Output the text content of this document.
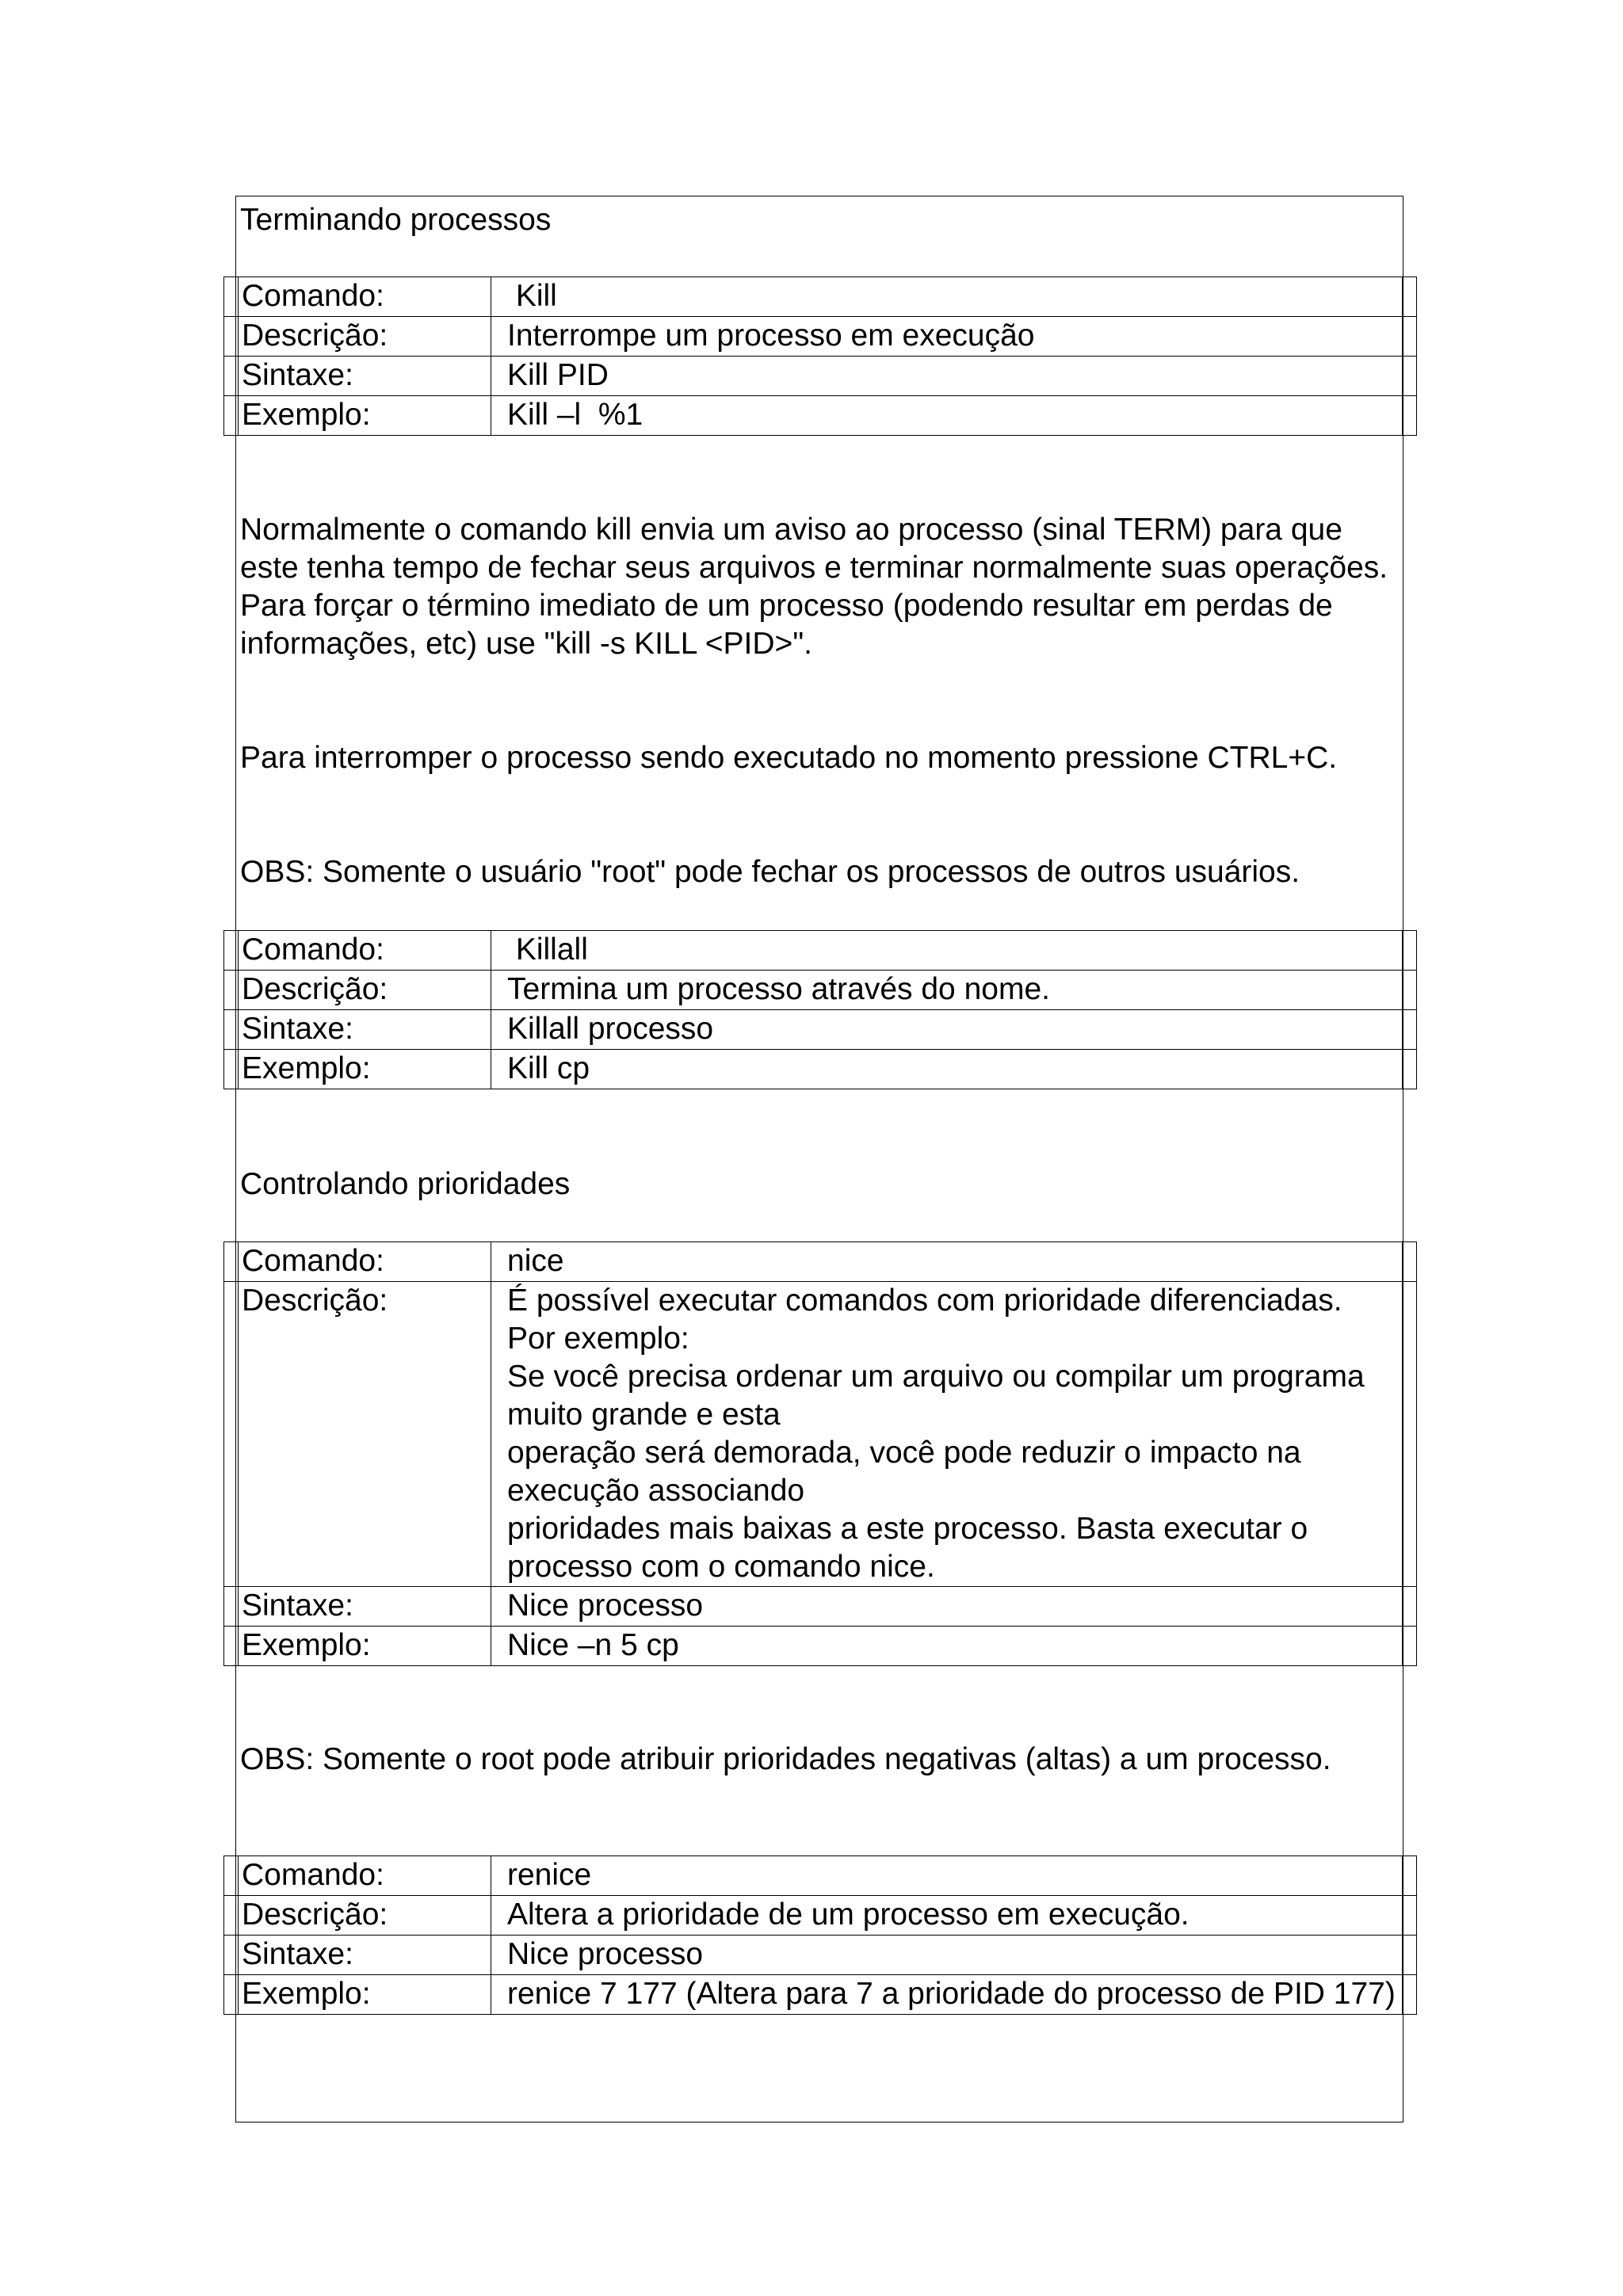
Terminando processos
	Comando:	Kill	
	Descrição:	Interrompe um processo em execução	
	Sintaxe:	Kill PID	
	Exemplo:	Kill –l  %1	
Normalmente o comando kill envia um aviso ao processo (sinal TERM) para que este tenha tempo de fechar seus arquivos e terminar normalmente suas operações. Para forçar o término imediato de um processo (podendo resultar em perdas de
informações, etc) use "kill -s KILL <PID>".
Para interromper o processo sendo executado no momento pressione CTRL+C.
OBS: Somente o usuário "root" pode fechar os processos de outros usuários.
	Comando:	Killall	
	Descrição:	Termina um processo através do nome.	
	Sintaxe:	Killall processo	
	Exemplo:	Kill cp	
Controlando prioridades
	Comando:	nice	
	Descrição:	É possível executar comandos com prioridade diferenciadas.
Por exemplo:
Se você precisa ordenar um arquivo ou compilar um programa muito grande e esta
operação será demorada, você pode reduzir o impacto na execução associando
prioridades mais baixas a este processo. Basta executar o processo com o comando nice.	

	Sintaxe:	Nice processo	
	Exemplo:	Nice –n 5 cp	
OBS: Somente o root pode atribuir prioridades negativas (altas) a um processo.
	Comando:	renice	
	Descrição:	Altera a prioridade de um processo em execução.	
	Sintaxe:	Nice processo	
	Exemplo:	renice 7 177 (Altera para 7 a prioridade do processo de PID 177)	
